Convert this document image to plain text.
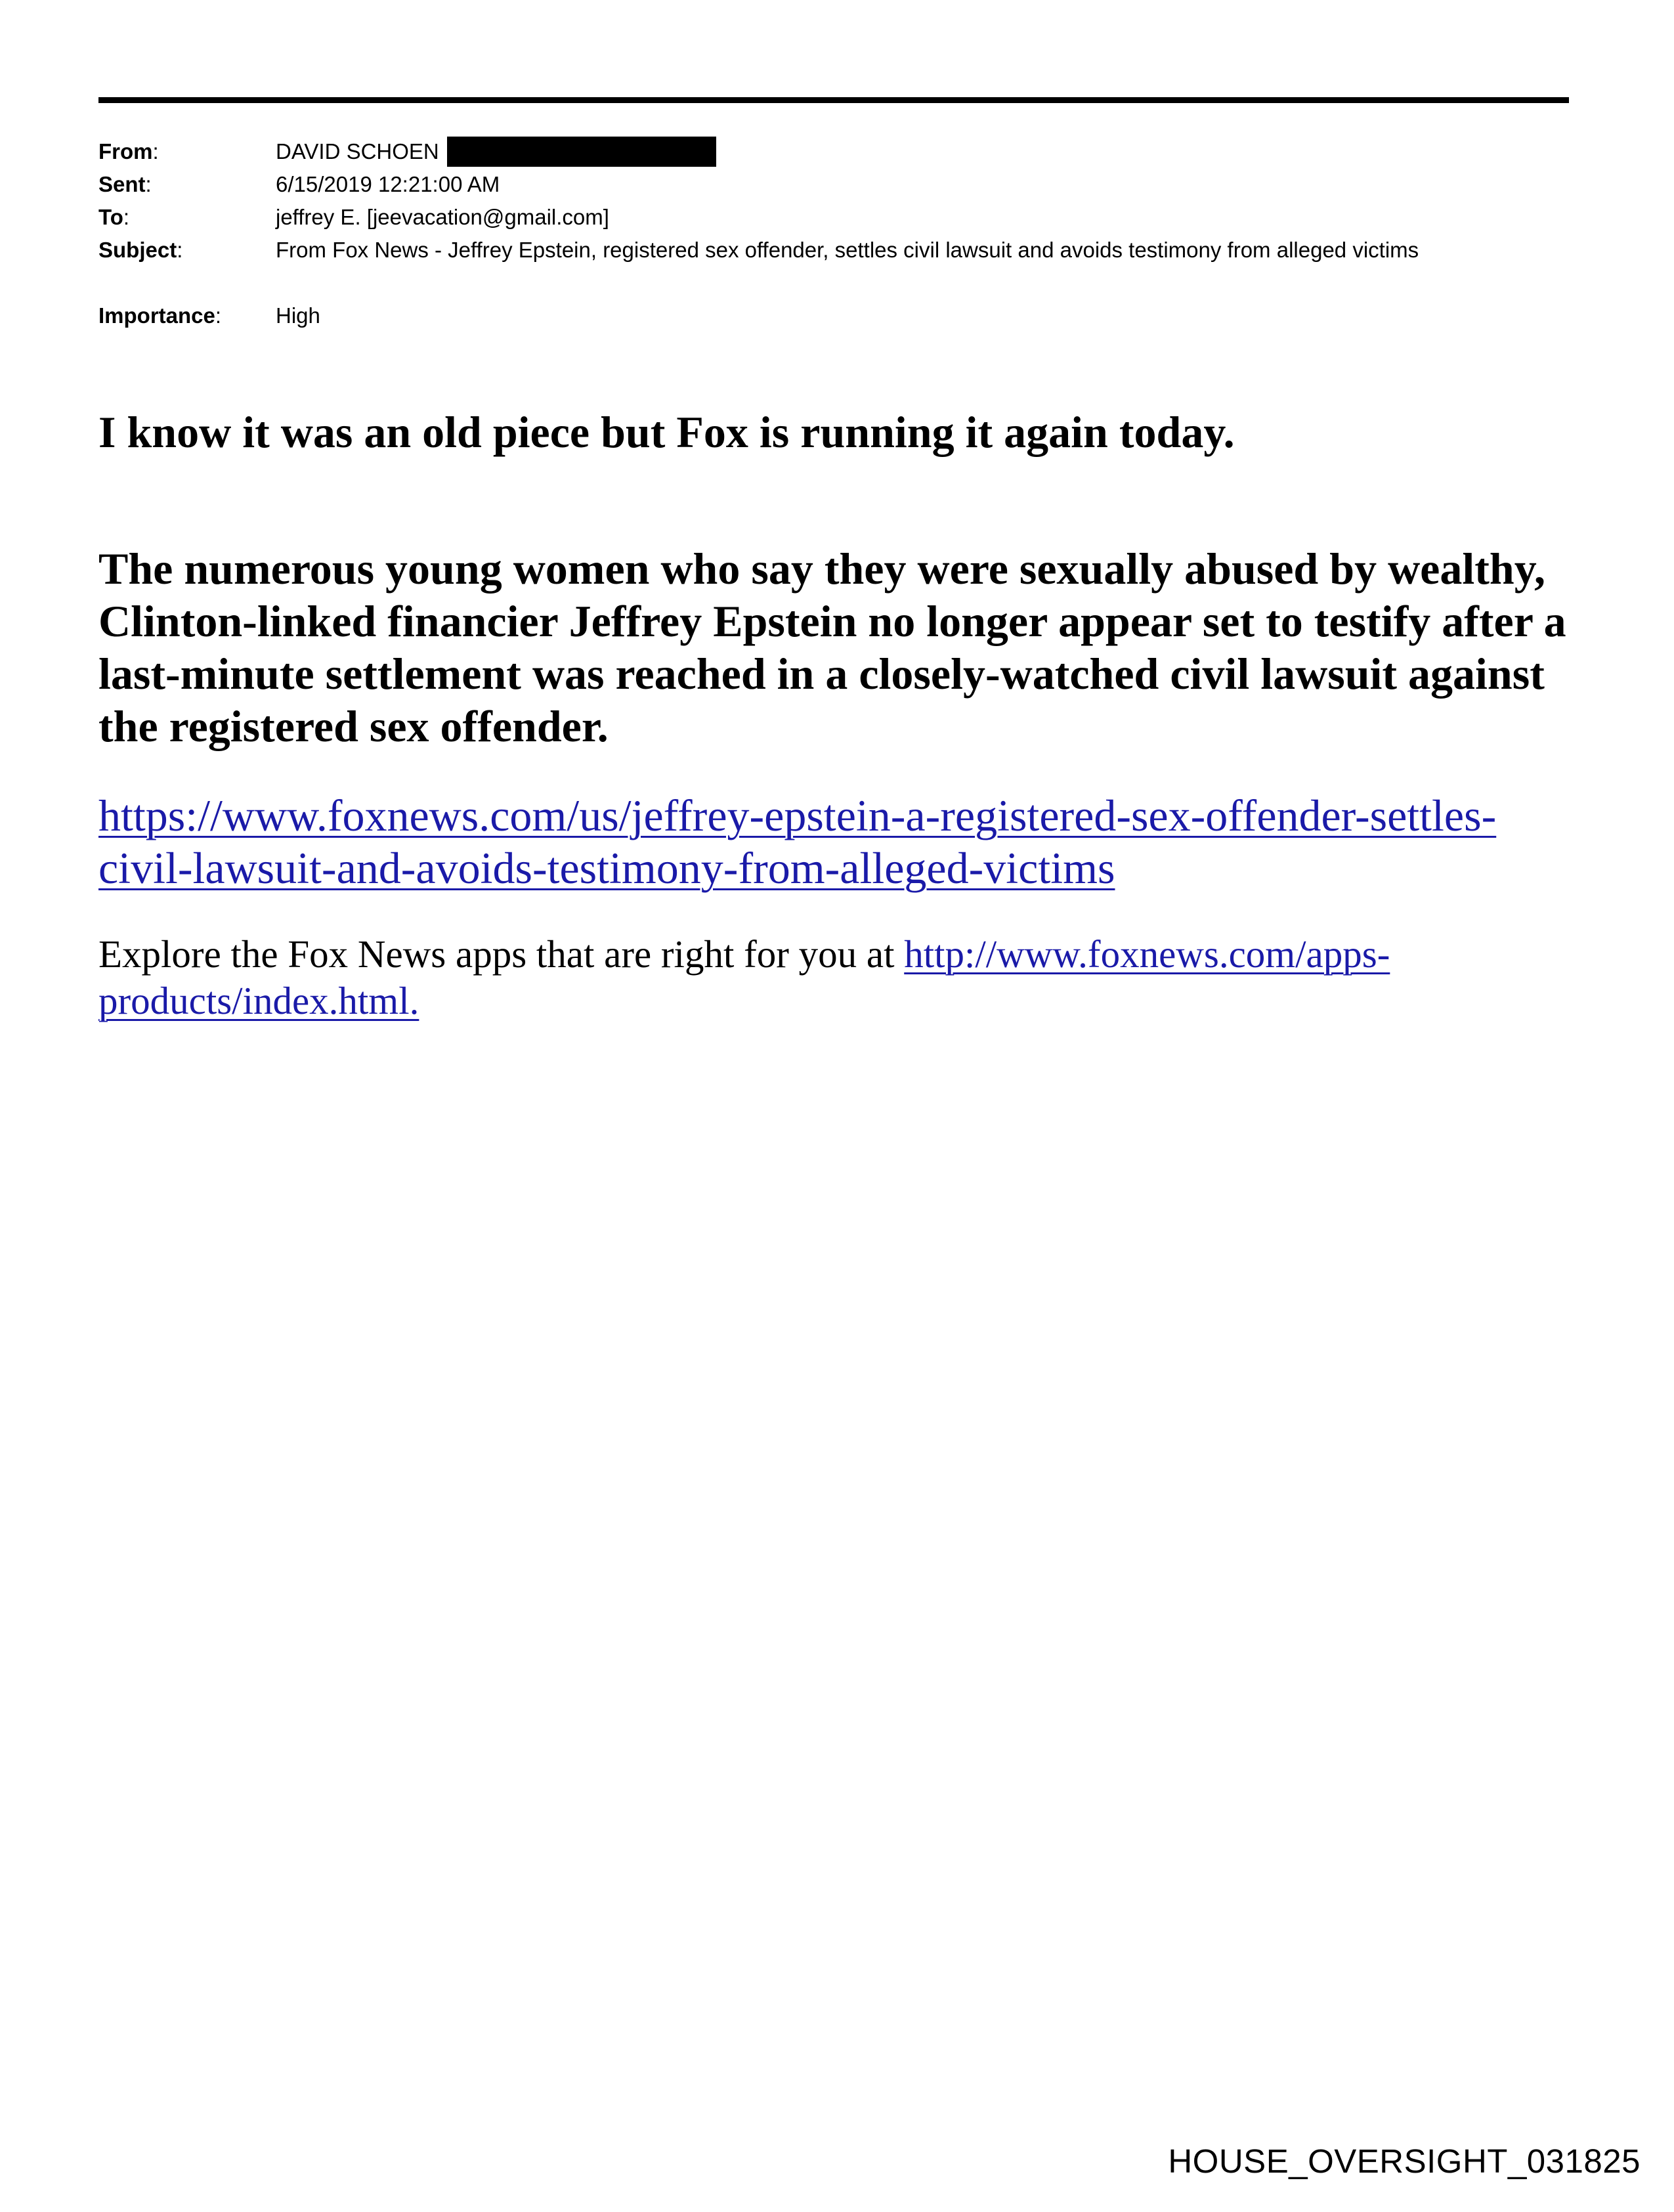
From:	DAVID SCHOEN
Sent:	6/15/2019 12:21:00 AM
To:	jeffrey E. [jeevacation@gmail.com]
Subject:	From Fox News - Jeffrey Epstein, registered sex offender, settles civil lawsuit and avoids testimony from alleged victims
Importance:	High

I know it was an old piece but Fox is running it again today.

The numerous young women who say they were sexually abused by wealthy, Clinton-linked financier Jeffrey Epstein no longer appear set to testify after a last-minute settlement was reached in a closely-watched civil lawsuit against the registered sex offender.

https://www.foxnews.com/us/jeffrey-epstein-a-registered-sex-offender-settles-civil-lawsuit-and-avoids-testimony-from-alleged-victims

Explore the Fox News apps that are right for you at http://www.foxnews.com/apps-products/index.html.

HOUSE_OVERSIGHT_031825
